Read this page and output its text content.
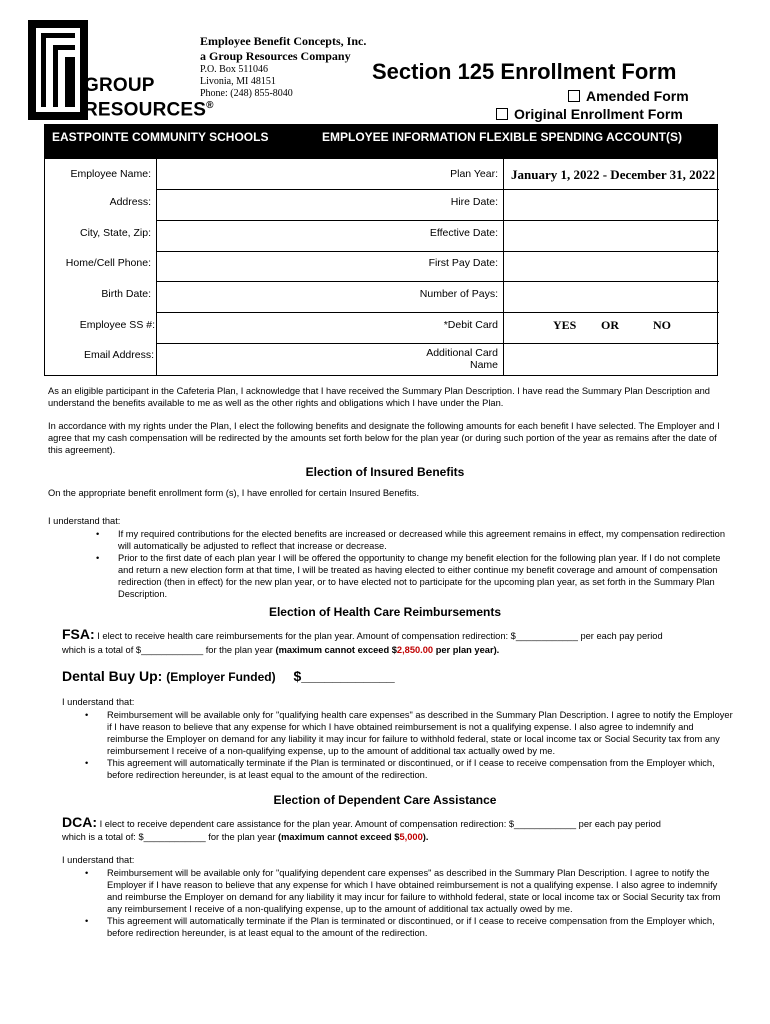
GROUP
RESOURCES®
Employee Benefit Concepts, Inc.
a Group Resources Company
P.O. Box 511046
Livonia, MI 48151
Phone: (248) 855-8040
Section 125 Enrollment Form
Amended Form
Original Enrollment Form
EASTPOINTE COMMUNITY SCHOOLS	EMPLOYEE INFORMATION FLEXIBLE SPENDING ACCOUNT(S)
Employee Name:
Address:
City, State, Zip:
Home/Cell Phone:
Birth Date:
Employee SS #:
Email Address:
Plan Year:
Hire Date:
Effective Date:
First Pay Date:
Number of Pays:
*Debit Card
Additional Card Name
January 1, 2022 - December 31, 2022
YES OR	NO
As an eligible participant in the Cafeteria Plan, I acknowledge that I have received the Summary Plan Description. I have read the Summary Plan Description and understand the benefits available to me as well as the other rights and obligations which I have under the Plan.
In accordance with my rights under the Plan, I elect the following benefits and designate the following amounts for each benefit I have selected. The Employer and I agree that my cash compensation will be redirected by the amounts set forth below for the plan year (or during such portion of the year as remains after the date of this agreement).
Election of Insured Benefits
On the appropriate benefit enrollment form (s), I have enrolled for certain Insured Benefits.
I understand that:
• If my required contributions for the elected benefits are increased or decreased while this agreement remains in effect, my compensation redirection will automatically be adjusted to reflect that increase or decrease.
• Prior to the first date of each plan year I will be offered the opportunity to change my benefit election for the following plan year. If I do not complete and return a new election form at that time, I will be treated as having elected to either continue my benefit coverage and amount of compensation redirection (then in effect) for the new plan year, or to have elected not to participate for the upcoming plan year, as set forth in the Summary Plan Description.
Election of Health Care Reimbursements
FSA: I elect to receive health care reimbursements for the plan year. Amount of compensation redirection: $____________ per each pay period
which is a total of $____________ for the plan year (maximum cannot exceed $2,850.00 per plan year).
Dental Buy Up: (Employer Funded) $____________
I understand that:
• Reimbursement will be available only for "qualifying health care expenses" as described in the Summary Plan Description. I agree to notify the Employer if I have reason to believe that any expense for which I have obtained reimbursement is not a qualifying expense. I also agree to indemnify and reimburse the Employer on demand for any liability it may incur for failure to withhold federal, state or local income tax or Social Security tax from any reimbursement I receive of a non-qualifying expense, up to the amount of additional tax actually owed by me.
• This agreement will automatically terminate if the Plan is terminated or discontinued, or if I cease to receive compensation from the Employer which, before redirection hereunder, is at least equal to the amount of the redirection.
Election of Dependent Care Assistance
DCA: I elect to receive dependent care assistance for the plan year. Amount of compensation redirection: $____________ per each pay period
which is a total of: $____________ for the plan year (maximum cannot exceed $5,000).
I understand that:
• Reimbursement will be available only for "qualifying dependent care expenses" as described in the Summary Plan Description. I agree to notify the Employer if I have reason to believe that any expense for which I have obtained reimbursement is not a qualifying expense. I also agree to indemnify and reimburse the Employer on demand for any liability it may incur for failure to withhold federal, state or local income tax or Social Security tax from any reimbursement I receive of a non-qualifying expense, up to the amount of additional tax actually owed by me.
• This agreement will automatically terminate if the Plan is terminated or discontinued, or if I cease to receive compensation from the Employer which, before redirection hereunder, is at least equal to the amount of the redirection.
